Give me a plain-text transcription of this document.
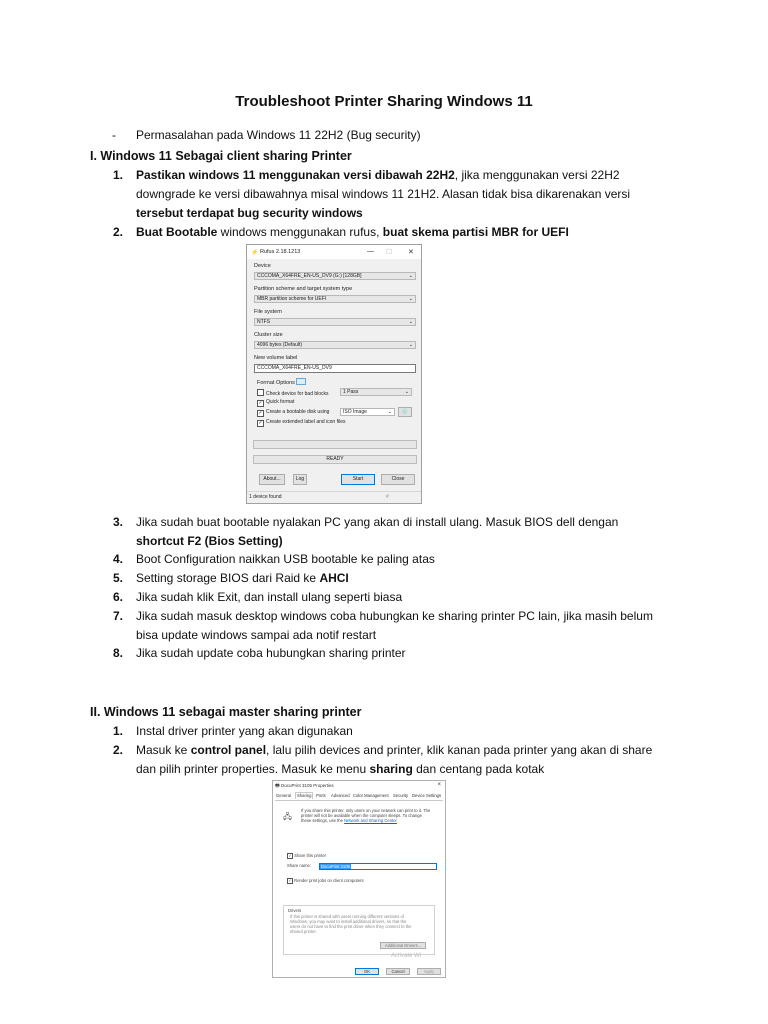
Troubleshoot Printer Sharing Windows 11
- Permasalahan pada Windows 11 22H2 (Bug security)
I. Windows 11 Sebagai client sharing Printer
1. Pastikan windows 11 menggunakan versi dibawah 22H2, jika menggunakan versi 22H2
downgrade ke versi dibawahnya misal windows 11 21H2. Alasan tidak bisa dikarenakan versi
tersebut terdapat bug security windows
2. Buat Bootable windows menggunakan rufus, buat skema partisi MBR for UEFI
⚡ Rufus 2.18.1213	— ☐ ✕
Device
CCCOMA_X64FRE_EN-US_DV9 (G:) [128GB]	⌄
Partition scheme and target system type
MBR partition scheme for UEFI	⌄
File system
NTFS	⌄
Cluster size
4096 bytes (Default)	⌄
New volume label
CCCOMA_X64FRE_EN-US_DV9
Format Options
Check device for bad blocks	1 Pass	⌄
✓ Quick format
✓ Create a bootable disk using	ISO Image	⌄	💿
✓ Create extended label and icon files
READY
About...	Log	Start	Close
1 device found	#
3. Jika sudah buat bootable nyalakan PC yang akan di install ulang. Masuk BIOS dell dengan
shortcut F2 (Bios Setting)
4. Boot Configuration naikkan USB bootable ke paling atas
5. Setting storage BIOS dari Raid ke AHCI
6. Jika sudah klik Exit, dan install ulang seperti biasa
7. Jika sudah masuk desktop windows coba hubungkan ke sharing printer PC lain, jika masih belum
bisa update windows sampai ada notif restart
8. Jika sudah update coba hubungkan sharing printer
II. Windows 11 sebagai master sharing printer
1. Instal driver printer yang akan digunakan
2. Masuk ke control panel, lalu pilih devices and printer, klik kanan pada printer yang akan di share
dan pilih printer properties. Masuk ke menu sharing dan centang pada kotak
🖶 DocuPrint 3105 Properties	×
General	Sharing	Ports Advanced Color Management Security Device Settings
🖧
If you share this printer, only users on your network can print to it. The
printer will not be available when the computer sleeps. To change
these settings, use the Network and Sharing Center
✓ Share this printer
Share name:	DocuPrint 3105
✓ Render print jobs on client computers
Drivers
If this printer is shared with users running different versions of
Windows, you may want to install additional drivers, so that the
users do not have to find the print driver when they connect to the
shared printer.
Additional Drivers...
Activate Wi
OK	Cancel	Apply
